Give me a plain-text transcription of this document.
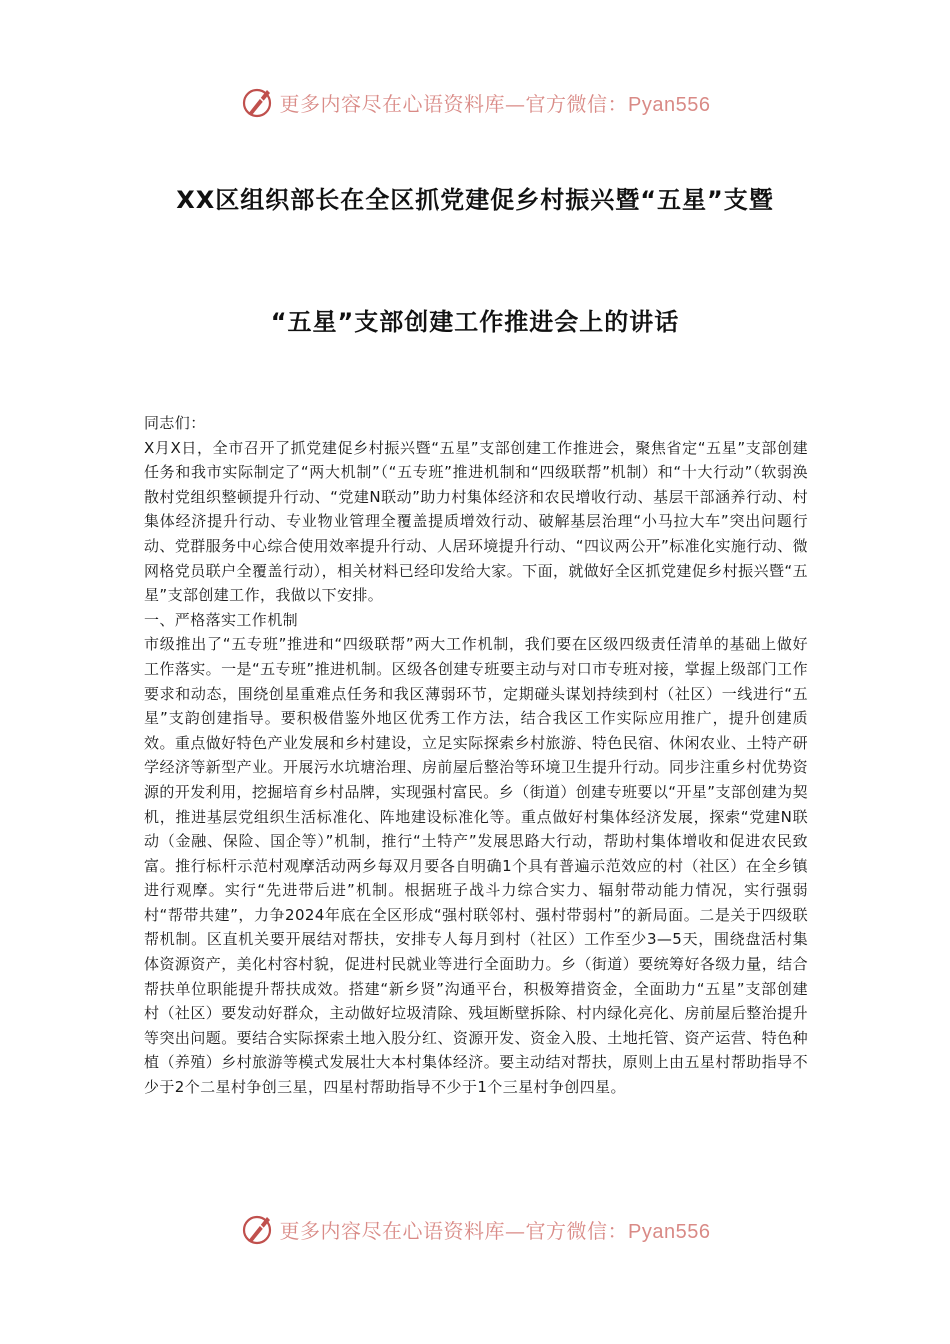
更多内容尽在心语资料库—官方微信：Pyan556
XX区组织部长在全区抓党建促乡村振兴暨“五星”支暨
“五星”支部创建工作推进会上的讲话

同志们：

X月X日，全市召开了抓党建促乡村振兴暨“五星”支部创建工作推进会，聚焦省定“五星”支部创建任务和我市实际制定了“两大机制”（“五专班”推进机制和“四级联帮”机制）和“十大行动”（软弱涣散村党组织整顿提升行动、“党建N联动”助力村集体经济和农民增收行动、基层干部涵养行动、村集体经济提升行动、专业物业管理全覆盖提质增效行动、破解基层治理“小马拉大车”突出问题行动、党群服务中心综合使用效率提升行动、人居环境提升行动、“四议两公开”标准化实施行动、微网格党员联户全覆盖行动），相关材料已经印发给大家。下面，就做好全区抓党建促乡村振兴暨“五星”支部创建工作，我做以下安排。

一、严格落实工作机制

市级推出了“五专班”推进和“四级联帮”两大工作机制，我们要在区级四级责任清单的基础上做好工作落实。一是“五专班”推进机制。区级各创建专班要主动与对口市专班对接，掌握上级部门工作要求和动态，围绕创星重难点任务和我区薄弱环节，定期碰头谋划持续到村（社区）一线进行“五星”支韵创建指导。要积极借鉴外地区优秀工作方法，结合我区工作实际应用推广，提升创建质效。重点做好特色产业发展和乡村建设，立足实际探索乡村旅游、特色民宿、休闲农业、土特产研学经济等新型产业。开展污水坑塘治理、房前屋后整治等环境卫生提升行动。同步注重乡村优势资源的开发利用，挖掘培育乡村品牌，实现强村富民。乡（街道）创建专班要以“开星”支部创建为契机，推进基层党组织生活标准化、阵地建设标准化等。重点做好村集体经济发展，探索“党建N联动（金融、保险、国企等）”机制，推行“土特产”发展思路大行动，帮助村集体增收和促进农民致富。推行标杆示范村观摩活动两乡每双月要各自明确1个具有普遍示范效应的村（社区）在全乡镇进行观摩。实行“先进带后进”机制。根据班子战斗力综合实力、辐射带动能力情况，实行强弱村“帮带共建”，力争2024年底在全区形成“强村联邻村、强村带弱村”的新局面。二是关于四级联帮机制。区直机关要开展结对帮扶，安排专人每月到村（社区）工作至少3—5天，围绕盘活村集体资源资产，美化村容村貌，促进村民就业等进行全面助力。乡（街道）要统筹好各级力量，结合帮扶单位职能提升帮扶成效。搭建“新乡贤”沟通平台，积极筹措资金，全面助力“五星”支部创建村（社区）要发动好群众，主动做好垃圾清除、残垣断壁拆除、村内绿化亮化、房前屋后整治提升等突出问题。要结合实际探索土地入股分红、资源开发、资金入股、土地托管、资产运营、特色种植（养殖）乡村旅游等模式发展壮大本村集体经济。要主动结对帮扶，原则上由五星村帮助指导不少于2个二星村争创三星，四星村帮助指导不少于1个三星村争创四星。

更多内容尽在心语资料库—官方微信：Pyan556
